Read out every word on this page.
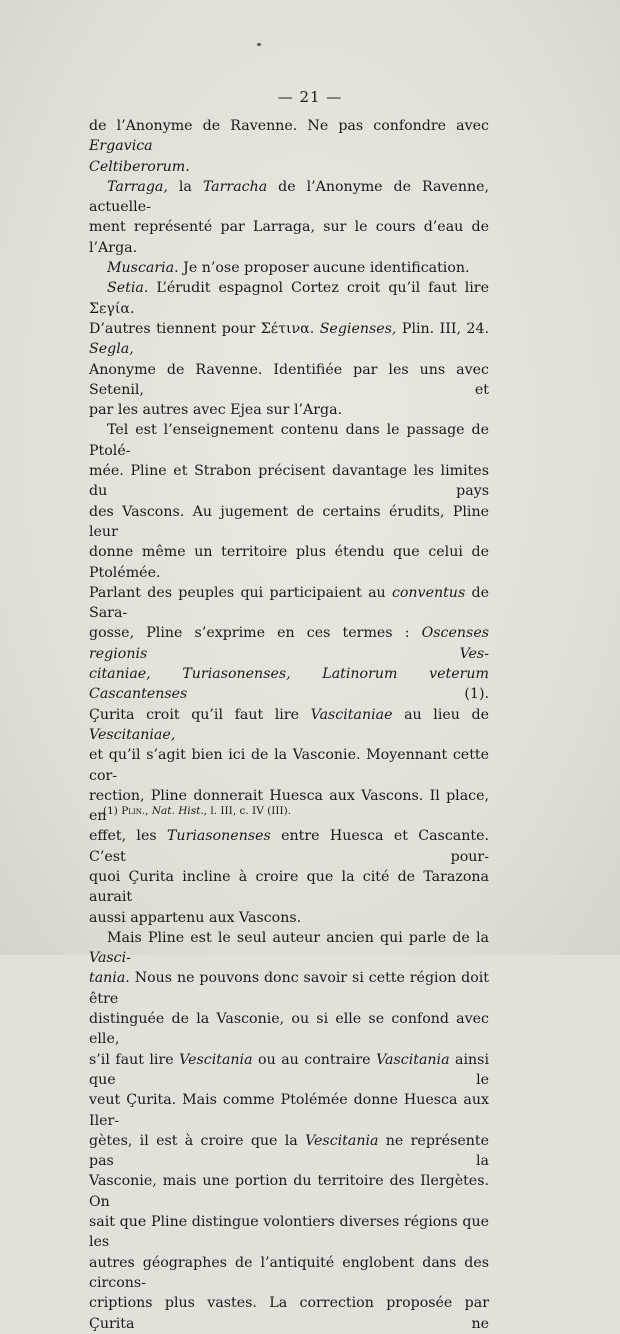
— 21 —

de l’Anonyme de Ravenne. Ne pas confondre avec Ergavica

Celtiberorum.

Tarraga, la Tarracha de l’Anonyme de Ravenne, actuelle-

ment représenté par Larraga, sur le cours d’eau de l’Arga.

Muscaria. Je n’ose proposer aucune identification.

Setia. L’érudit espagnol Cortez croit qu’il faut lire Σεγία.

D’autres tiennent pour Σέτινα. Segienses, Plin. III, 24. Segla,

Anonyme de Ravenne. Identifiée par les uns avec Setenil, et

par les autres avec Ejea sur l’Arga.

Tel est l’enseignement contenu dans le passage de Ptolé-

mée. Pline et Strabon précisent davantage les limites du pays

des Vascons. Au jugement de certains érudits, Pline leur

donne même un territoire plus étendu que celui de Ptolémée.

Parlant des peuples qui participaient au conventus de Sara-

gosse, Pline s’exprime en ces termes : Oscenses regionis Ves-

citaniae, Turiasonenses, Latinorum veterum Cascantenses (1).

Çurita croit qu’il faut lire Vascitaniae au lieu de Vescitaniae,

et qu’il s’agit bien ici de la Vasconie. Moyennant cette cor-

rection, Pline donnerait Huesca aux Vascons. Il place, en

effet, les Turiasonenses entre Huesca et Cascante. C’est pour-

quoi Çurita incline à croire que la cité de Tarazona aurait

aussi appartenu aux Vascons.

Mais Pline est le seul auteur ancien qui parle de la Vasci-

tania. Nous ne pouvons donc savoir si cette région doit être

distinguée de la Vasconie, ou si elle se confond avec elle,

s’il faut lire Vescitania ou au contraire Vascitania ainsi que le

veut Çurita. Mais comme Ptolémée donne Huesca aux Iler-

gètes, il est à croire que la Vescitania ne représente pas la

Vasconie, mais une portion du territoire des Ilergètes. On

sait que Pline distingue volontiers diverses régions que les

autres géographes de l’antiquité englobent dans des circons-

criptions plus vastes. La correction proposée par Çurita ne

(1) Plin., Nat. Hist., l. III, c. IV (III).
